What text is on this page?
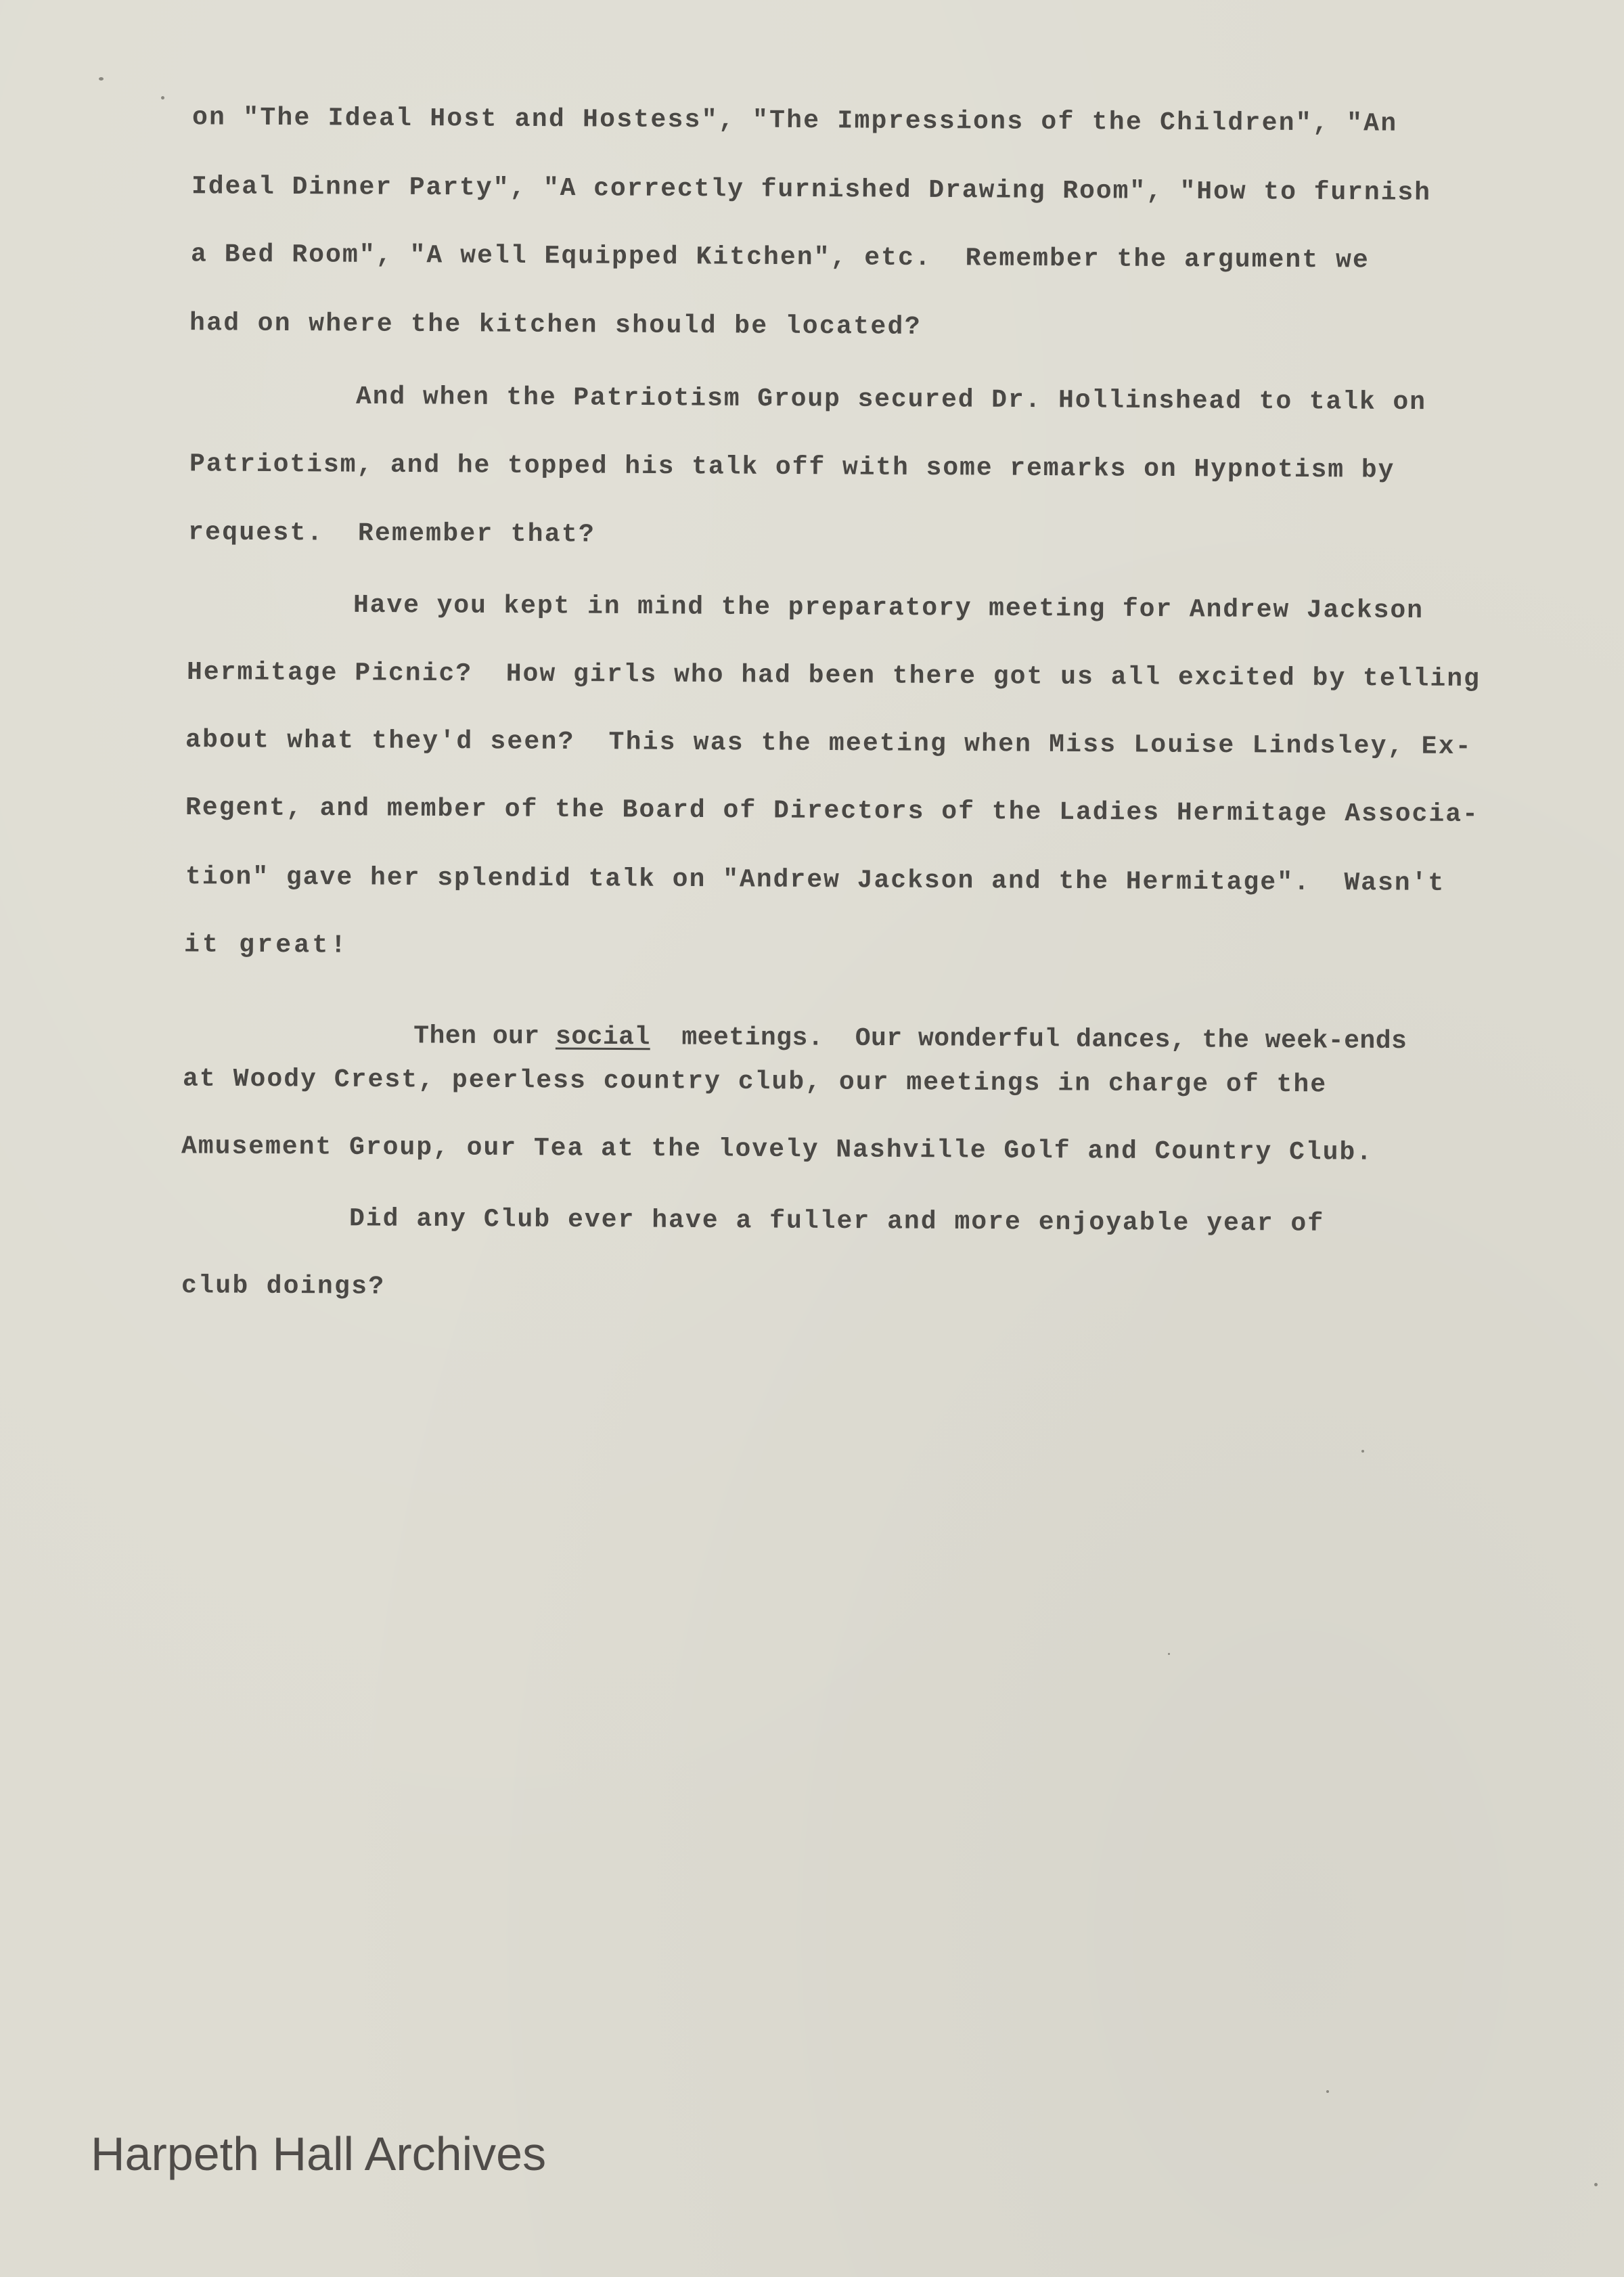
on "The Ideal Host and Hostess", "The Impressions of the Children", "An
Ideal Dinner Party", "A correctly furnished Drawing Room", "How to furnish
a Bed Room", "A well Equipped Kitchen", etc.  Remember the argument we
had on where the kitchen should be located?
And when the Patriotism Group secured Dr. Hollinshead to talk on
Patriotism, and he topped his talk off with some remarks on Hypnotism by
request.  Remember that?
Have you kept in mind the preparatory meeting for Andrew Jackson
Hermitage Picnic?  How girls who had been there got us all excited by telling
about what they'd seen?  This was the meeting when Miss Louise Lindsley, Ex-
Regent, and member of the Board of Directors of the Ladies Hermitage Associa-
tion" gave her splendid talk on "Andrew Jackson and the Hermitage".  Wasn't
it great!

Then our social meetings.  Our wonderful dances, the week-ends

at Woody Crest, peerless country club, our meetings in charge of the
Amusement Group, our Tea at the lovely Nashville Golf and Country Club.
Did any Club ever have a fuller and more enjoyable year of
club doings?
Harpeth Hall Archives
